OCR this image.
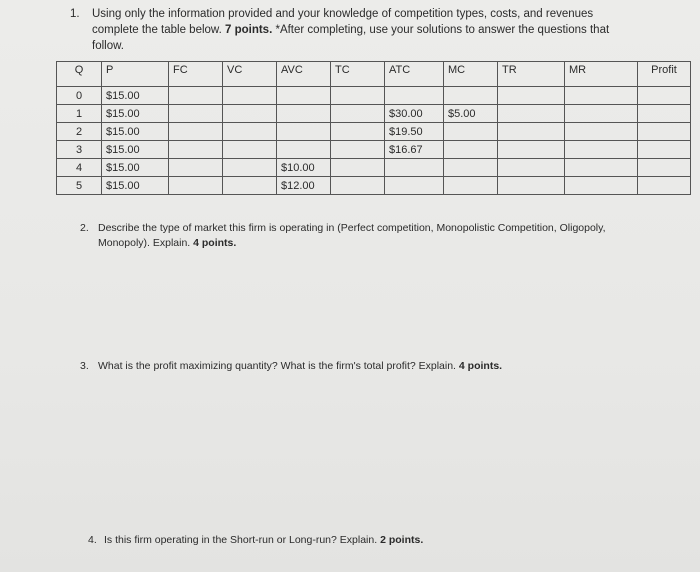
1. Using only the information provided and your knowledge of competition types, costs, and revenues complete the table below. 7 points. *After completing, use your solutions to answer the questions that follow.
Q	P	FC	VC	AVC	TC	ATC	MC	TR	MR	Profit
0	$15.00									
1	$15.00					$30.00	$5.00			
2	$15.00					$19.50				
3	$15.00					$16.67				
4	$15.00			$10.00						
5	$15.00			$12.00						
2. Describe the type of market this firm is operating in (Perfect competition, Monopolistic Competition, Oligopoly, Monopoly). Explain. 4 points.
3. What is the profit maximizing quantity? What is the firm's total profit? Explain. 4 points.
4. Is this firm operating in the Short-run or Long-run? Explain. 2 points.
